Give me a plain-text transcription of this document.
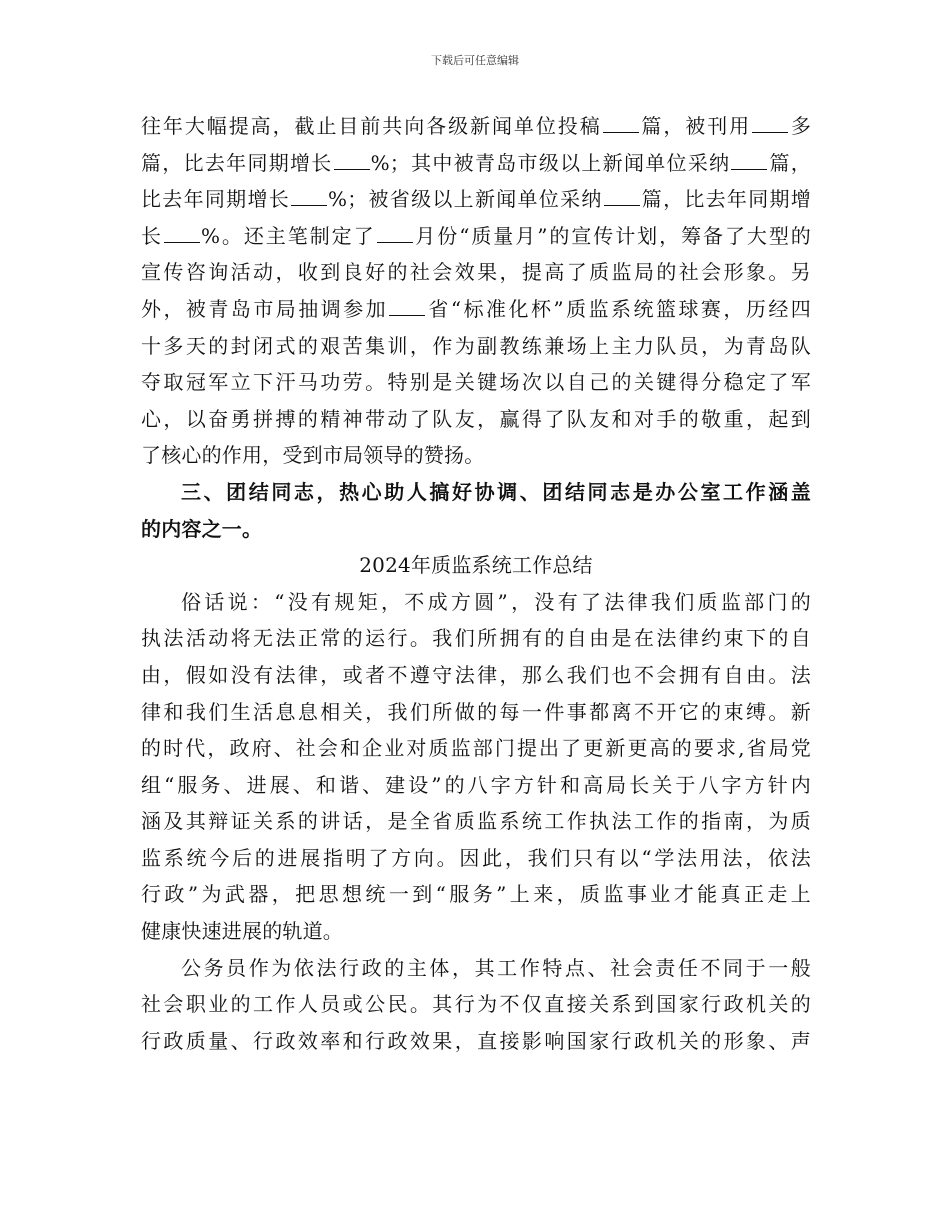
下载后可任意编辑

往年大幅提高，截止目前共向各级新闻单位投稿 篇，被刊用 多

篇，比去年同期增长 %；其中被青岛市级以上新闻单位采纳 篇，

比去年同期增长 %；被省级以上新闻单位采纳 篇，比去年同期增

长 %。还主笔制定了 月份“质量月”的宣传计划，筹备了大型的

宣传咨询活动，收到良好的社会效果，提高了质监局的社会形象。另

外，被青岛市局抽调参加 省“标准化杯”质监系统篮球赛，历经四

十多天的封闭式的艰苦集训，作为副教练兼场上主力队员，为青岛队

夺取冠军立下汗马功劳。特别是关键场次以自己的关键得分稳定了军

心，以奋勇拼搏的精神带动了队友，赢得了队友和对手的敬重，起到

了核心的作用，受到市局领导的赞扬。

三、团结同志，热心助人搞好协调、团结同志是办公室工作涵盖

的内容之一。

2024年质监系统工作总结

俗话说：“没有规矩，不成方圆”，没有了法律我们质监部门的

执法活动将无法正常的运行。我们所拥有的自由是在法律约束下的自

由，假如没有法律，或者不遵守法律，那么我们也不会拥有自由。法

律和我们生活息息相关，我们所做的每一件事都离不开它的束缚。新

的时代，政府、社会和企业对质监部门提出了更新更高的要求,省局党

组“服务、进展、和谐、建设”的八字方针和高局长关于八字方针内

涵及其辩证关系的讲话，是全省质监系统工作执法工作的指南，为质

监系统今后的进展指明了方向。因此，我们只有以“学法用法，依法

行政”为武器，把思想统一到“服务”上来，质监事业才能真正走上

健康快速进展的轨道。

公务员作为依法行政的主体，其工作特点、社会责任不同于一般

社会职业的工作人员或公民。其行为不仅直接关系到国家行政机关的

行政质量、行政效率和行政效果，直接影响国家行政机关的形象、声
